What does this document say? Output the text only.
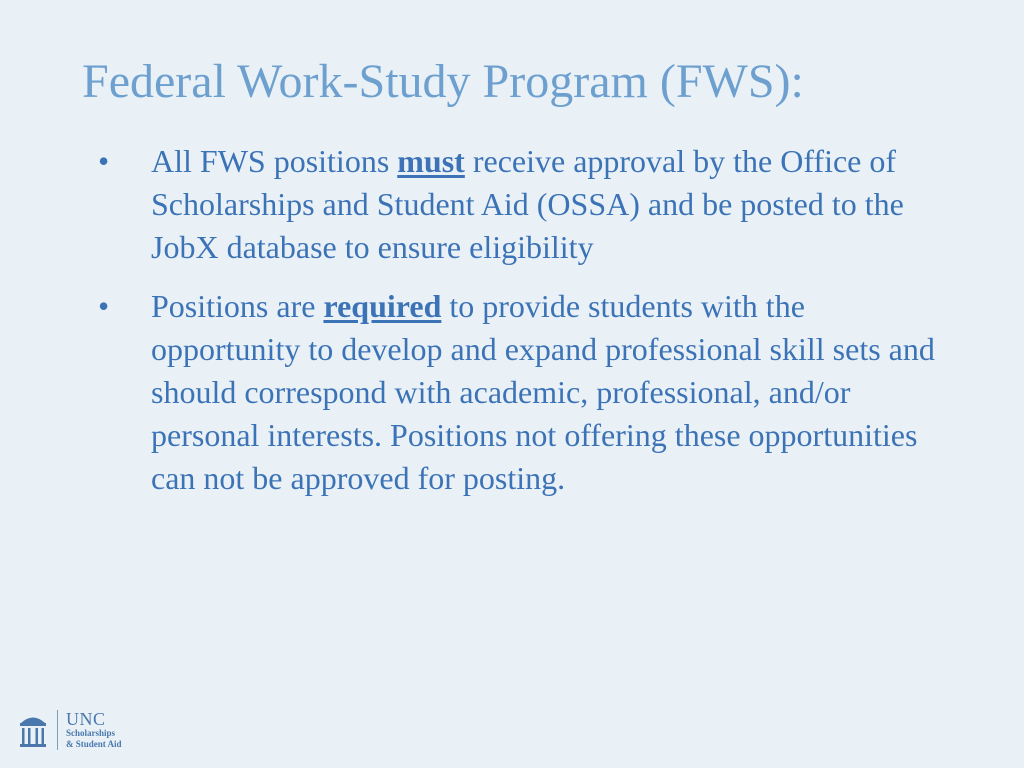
Federal Work-Study Program (FWS):
• All FWS positions must receive approval by the Office of Scholarships and Student Aid (OSSA) and be posted to the JobX database to ensure eligibility
• Positions are required to provide students with the opportunity to develop and expand professional skill sets and should correspond with academic, professional, and/or personal interests. Positions not offering these opportunities can not be approved for posting.
UNC
Scholarships
& Student Aid
